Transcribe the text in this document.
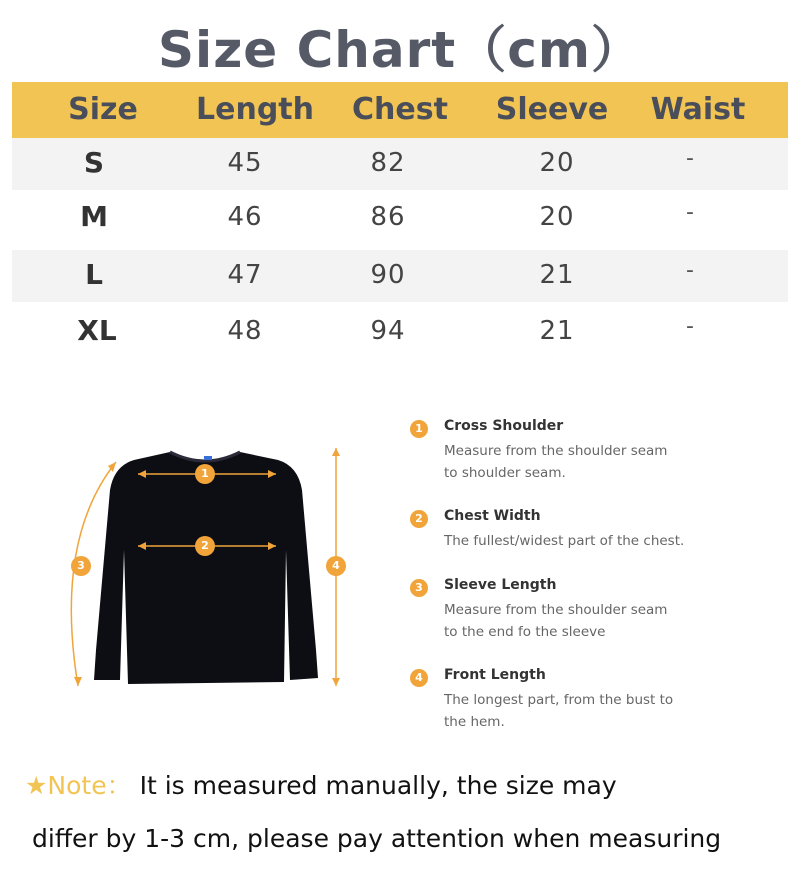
Size Chart（cm）
Size Length Chest Sleeve Waist
S	45	82	20	-
M	46	86	20	-
L	47	90	21	-
XL	48	94	21	-
1
2
3	4
1	Cross Shoulder
Measure from the shoulder seam to shoulder seam.
2	Chest Width
The fullest/widest part of the chest.
3	Sleeve Length
Measure from the shoulder seam to the end fo the sleeve
4	Front Length
The longest part, from the bust to the hem.
★Note： It is measured manually, the size may
differ by 1-3 cm, please pay attention when measuring
